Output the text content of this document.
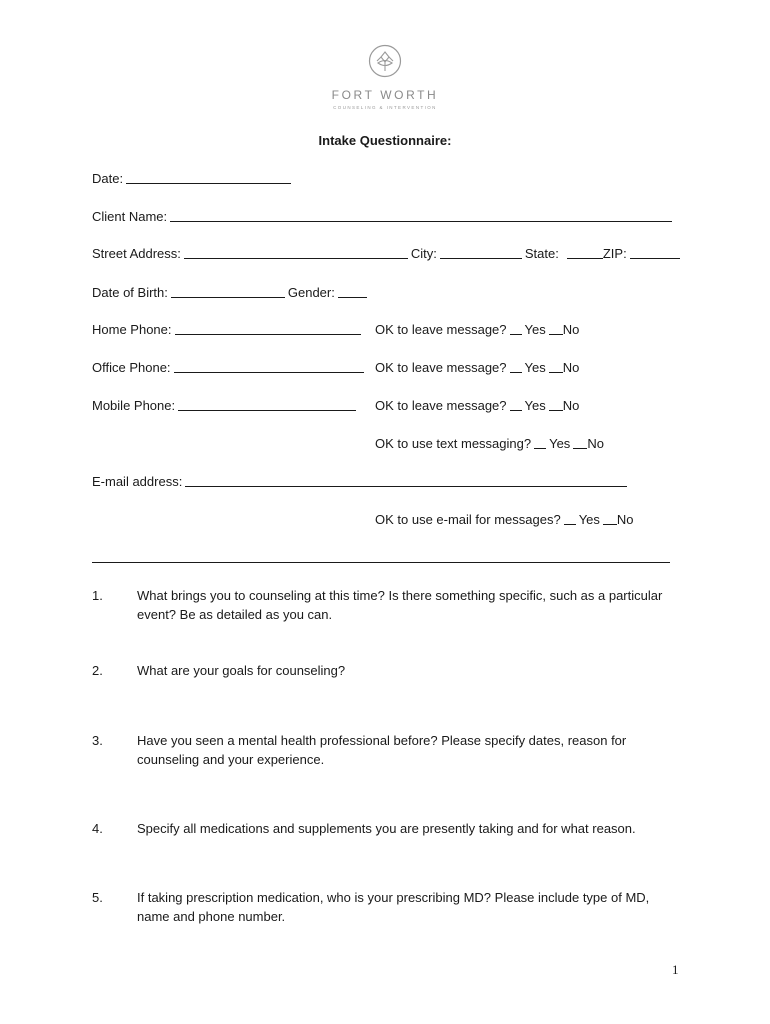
FORT WORTH
COUNSELING & INTERVENTION
Intake Questionnaire:
Date:
Client Name:
Street Address:	City:	State:	ZIP:
Date of Birth:	Gender:
Home Phone:	OK to leave message? Yes No
Office Phone:	OK to leave message? Yes No
Mobile Phone:	OK to leave message? Yes No
OK to use text messaging? Yes No
E-mail address:
OK to use e-mail for messages? Yes No
1.	What brings you to counseling at this time? Is there something specific, such as a particular event? Be as detailed as you can.
2.	What are your goals for counseling?
3.	Have you seen a mental health professional before? Please specify dates, reason for counseling and your experience.
4.	Specify all medications and supplements you are presently taking and for what reason.
5.	If taking prescription medication, who is your prescribing MD? Please include type of MD, name and phone number.
1
